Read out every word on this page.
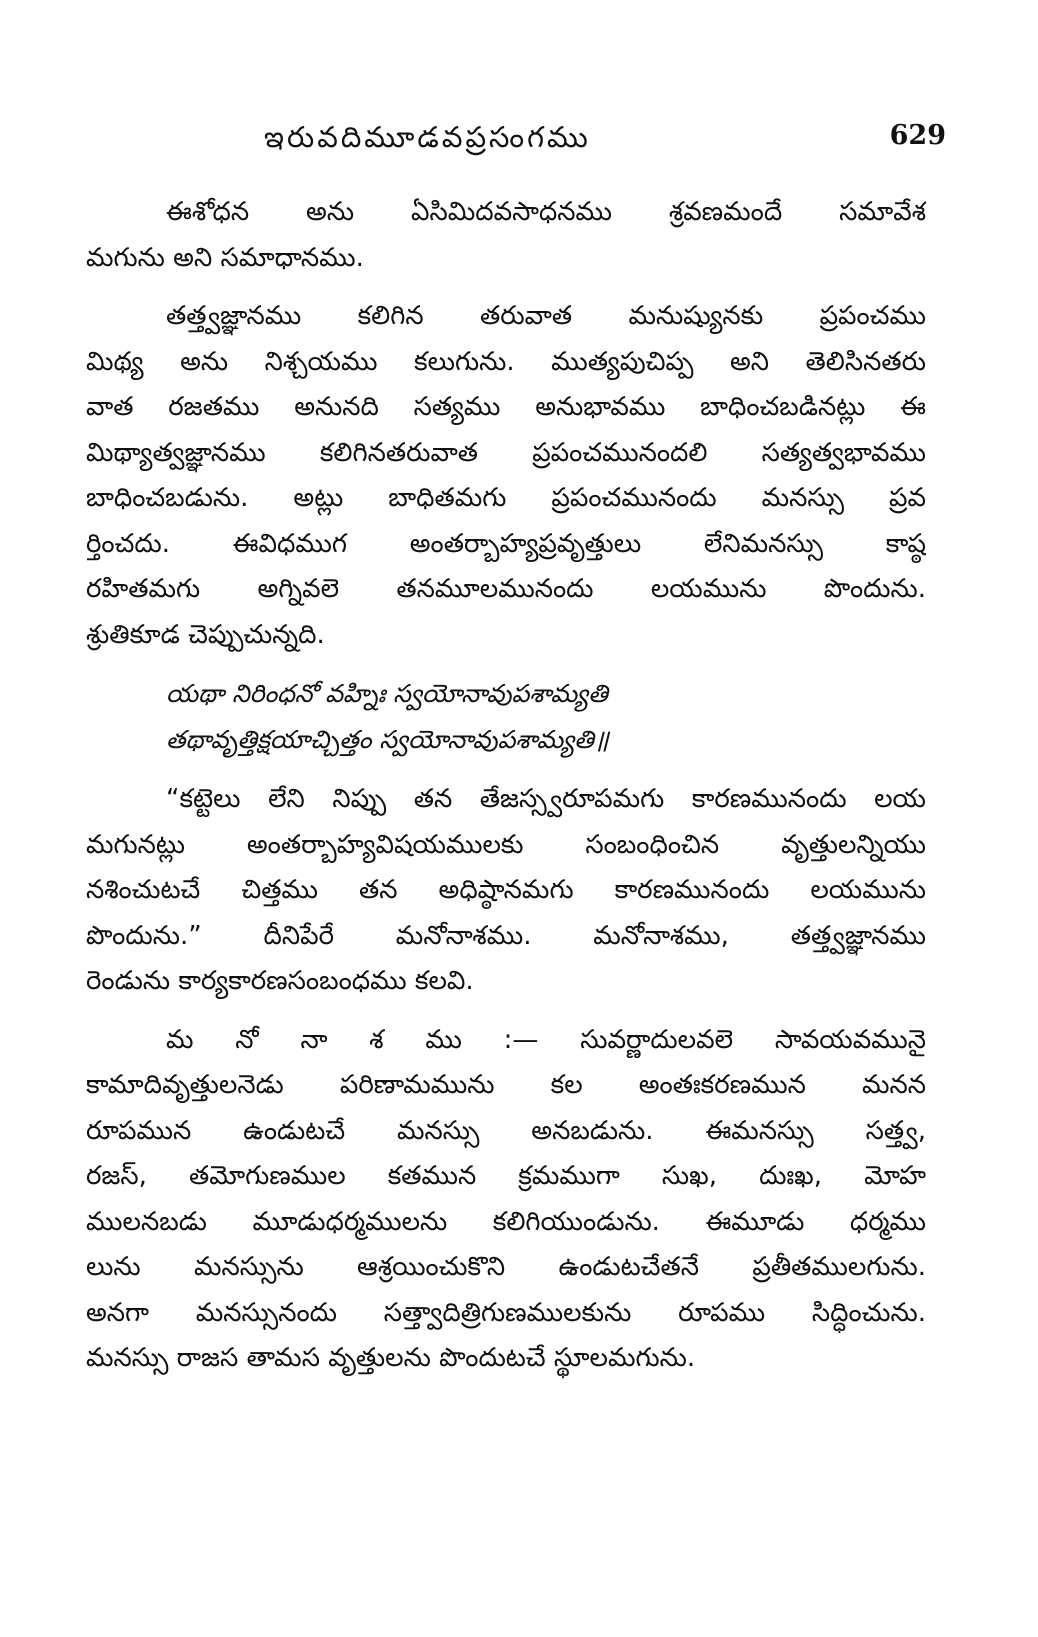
ఇరువదిమూడవప్రసంగము	629
ఈశోధన అను ఏసిమిదవసాధనము శ్రవణమందే సమావేశ
మగును అని సమాధానము.
తత్త్వజ్ఞానము కలిగిన తరువాత మనుష్యునకు ప్రపంచము
మిథ్య అను నిశ్చయము కలుగును. ముత్యపుచిప్ప అని తెలిసినతరు
వాత రజతము అనునది సత్యము అనుభావము బాధించబడినట్లు ఈ
మిథ్యాత్వజ్ఞానము కలిగినతరువాత ప్రపంచమునందలి సత్యత్వభావము
బాధించబడును. అట్లు బాధితమగు ప్రపంచమునందు మనస్సు ప్రవ
ర్తించదు. ఈవిధముగ అంతర్బాహ్యప్రవృత్తులు లేనిమనస్సు కాష్ఠ
రహితమగు అగ్నివలె తనమూలమునందు లయమును పొందును.
శ్రుతికూడ చెప్పుచున్నది.
యథా నిరింధనో వహ్నిః స్వయోనావుపశామ్యతి
తథావృత్తిక్షయాచ్చిత్తం స్వయోనావుపశామ్యతి॥
“కట్టెలు లేని నిప్పు తన తేజస్స్వరూపమగు కారణమునందు లయ
మగునట్లు అంతర్బాహ్యవిషయములకు సంబంధించిన వృత్తులన్నియు
నశించుటచే చిత్తము తన అధిష్ఠానమగు కారణమునందు లయమును
పొందును.” దీనిపేరే మనోనాశము. మనోనాశము, తత్త్వజ్ఞానము
రెండును కార్యకారణసంబంధము కలవి.
మ నో నా శ ము :— సువర్ణాదులవలె సావయవమునై
కామాదివృత్తులనెడు పరిణామమును కల అంతఃకరణమున మనన
రూపమున ఉండుటచే మనస్సు అనబడును. ఈమనస్సు సత్త్వ,
రజస్, తమోగుణముల కతమున క్రమముగా సుఖ, దుఃఖ, మోహ
ములనబడు మూడుధర్మములను కలిగియుండును. ఈమూడు ధర్మము
లును మనస్సును ఆశ్రయించుకొని ఉండుటచేతనే ప్రతీతములగును.
అనగా మనస్సునందు సత్త్వాదిత్రిగుణములకును రూపము సిద్ధించును.
మనస్సు రాజస తామస వృత్తులను పొందుటచే స్థూలమగును.
